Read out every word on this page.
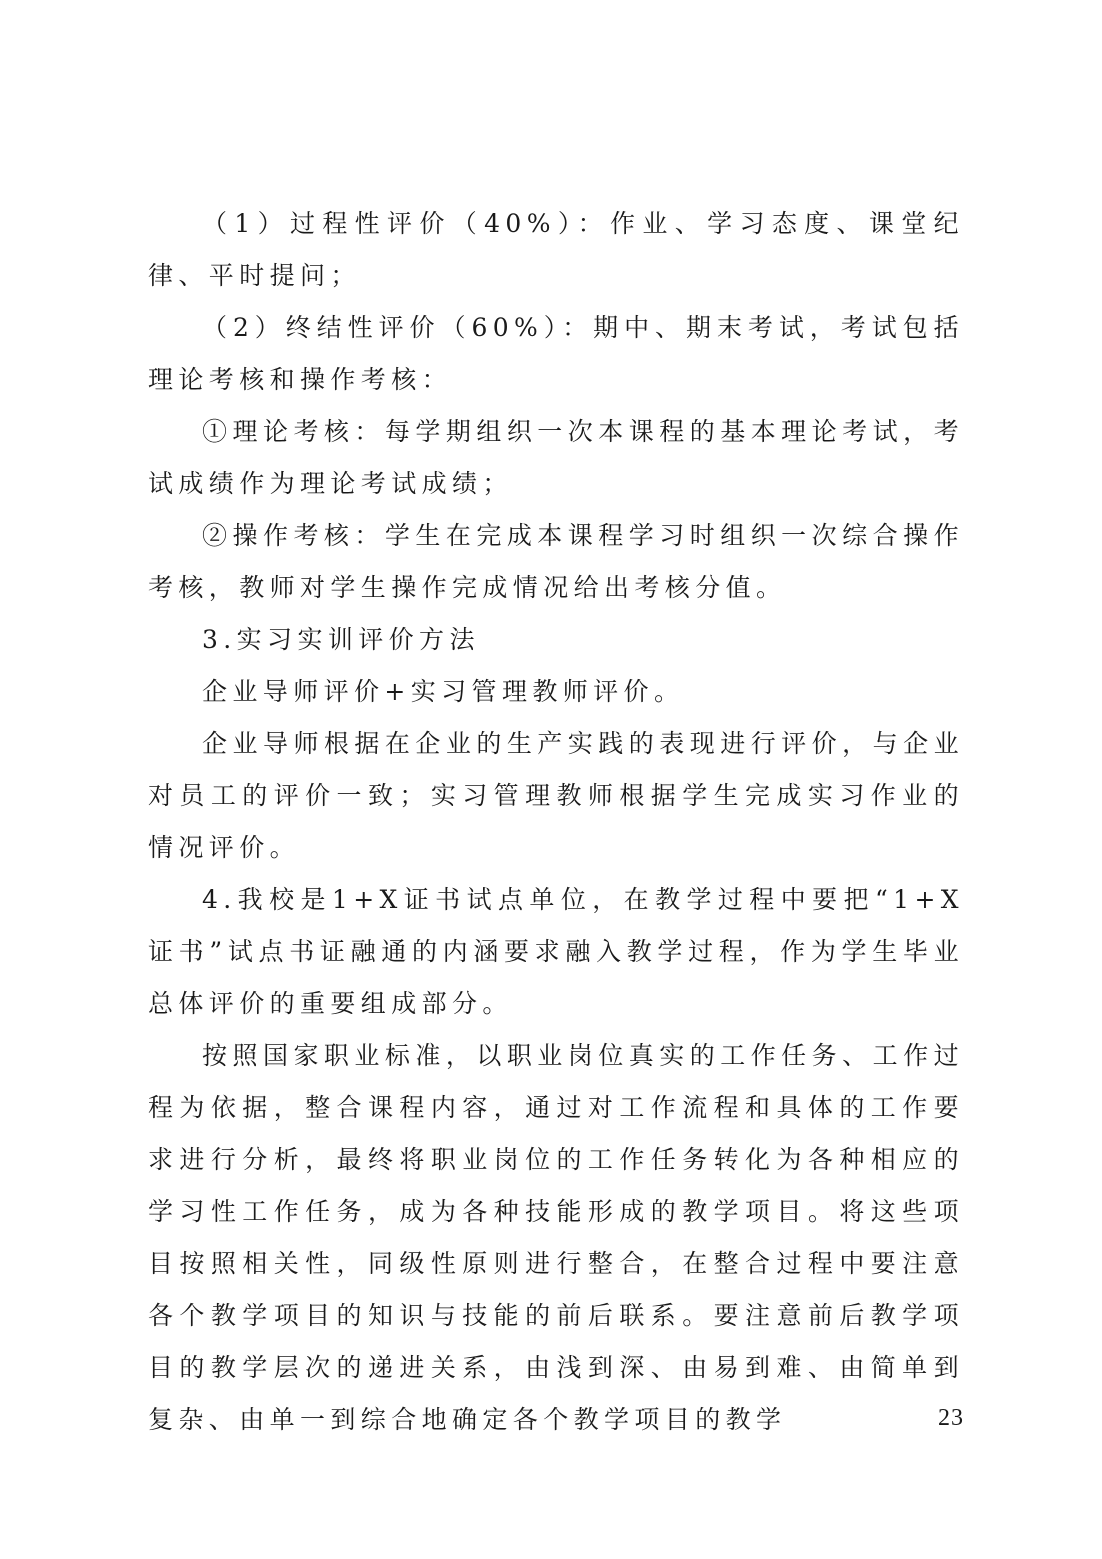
（1）过程性评价（40%）：作业、学习态度、课堂纪律、平时提问；

（2）终结性评价（60%）：期中、期末考试，考试包括理论考核和操作考核：

①理论考核：每学期组织一次本课程的基本理论考试，考试成绩作为理论考试成绩；

②操作考核：学生在完成本课程学习时组织一次综合操作考核，教师对学生操作完成情况给出考核分值。

3.实习实训评价方法

企业导师评价+实习管理教师评价。

企业导师根据在企业的生产实践的表现进行评价，与企业对员工的评价一致；实习管理教师根据学生完成实习作业的情况评价。

4.我校是1+X证书试点单位，在教学过程中要把“1+X证书”试点书证融通的内涵要求融入教学过程，作为学生毕业总体评价的重要组成部分。

按照国家职业标准，以职业岗位真实的工作任务、工作过程为依据，整合课程内容，通过对工作流程和具体的工作要求进行分析，最终将职业岗位的工作任务转化为各种相应的学习性工作任务，成为各种技能形成的教学项目。将这些项目按照相关性，同级性原则进行整合，在整合过程中要注意各个教学项目的知识与技能的前后联系。要注意前后教学项目的教学层次的递进关系，由浅到深、由易到难、由简单到复杂、由单一到综合地确定各个教学项目的教学	23
